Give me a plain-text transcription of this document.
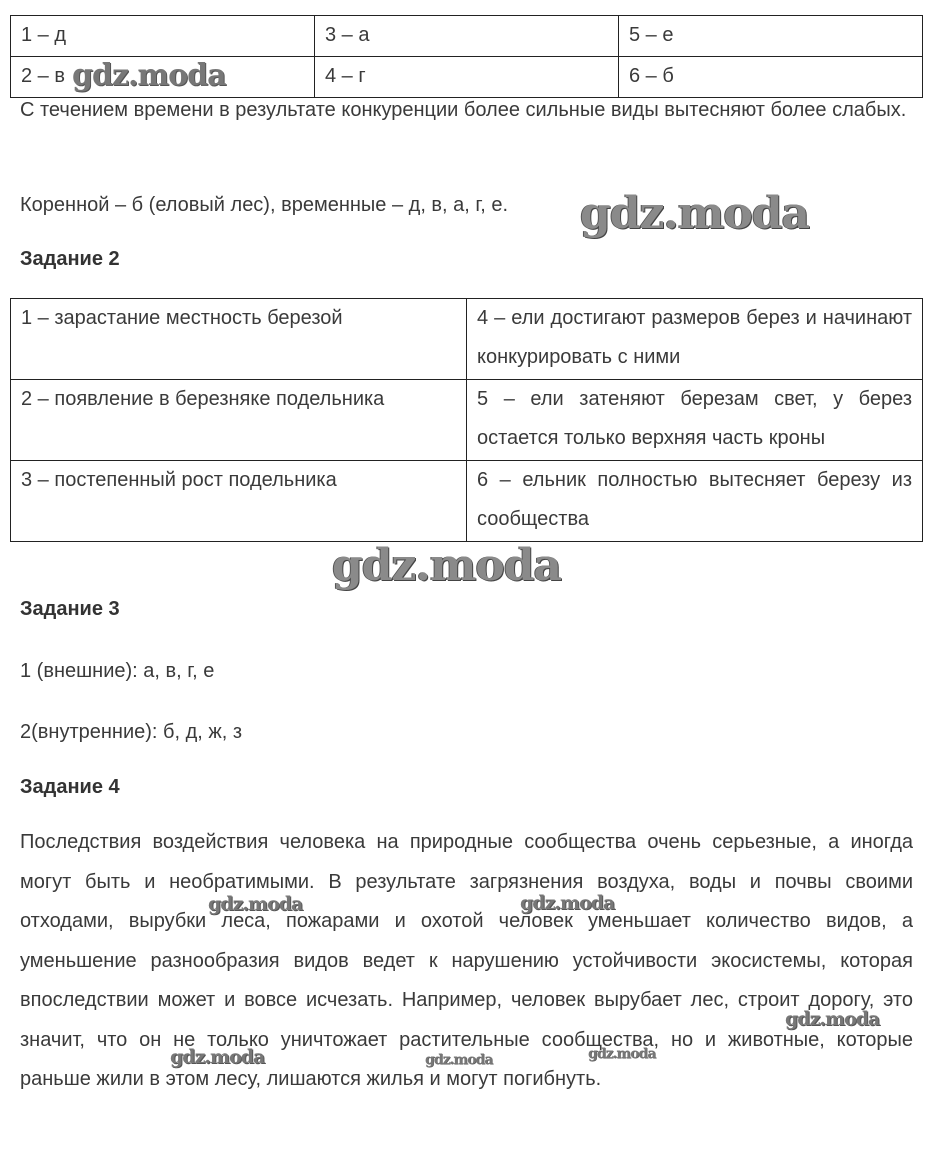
1 – д	3 – а	5 – е
2 – в	4 – г	6 – б
С течением времени в результате конкуренции более сильные виды вытесняют более слабых.
Коренной – б (еловый лес), временные – д, в, а, г, е.
Задание 2
1 – зарастание местность березой	4 – ели достигают размеров берез и начинают конкурировать с ними
2 – появление в березняке подельника	5 – ели затеняют березам свет, у берез остается только верхняя часть кроны
3 – постепенный рост подельника	6 – ельник полностью вытесняет березу из сообщества
Задание 3
1 (внешние): а, в, г, е
2(внутренние): б, д, ж, з
Задание 4
Последствия воздействия человека на природные сообщества очень серьезные, а иногда могут быть и необратимыми. В результате загрязнения воздуха, воды и почвы своими отходами, вырубки леса, пожарами и охотой человек уменьшает количество видов, а уменьшение разнообразия видов ведет к нарушению устойчивости экосистемы, которая впоследствии может и вовсе исчезать. Например, человек вырубает лес, строит дорогу, это значит, что он не только уничтожает растительные сообщества, но и животные, которые раньше жили в этом лесу, лишаются жилья и могут погибнуть.
gdz.moda
gdz.moda
gdz.moda
gdz.moda	gdz.moda
gdz.moda
gdz.moda	gdz.moda	gdz.moda
